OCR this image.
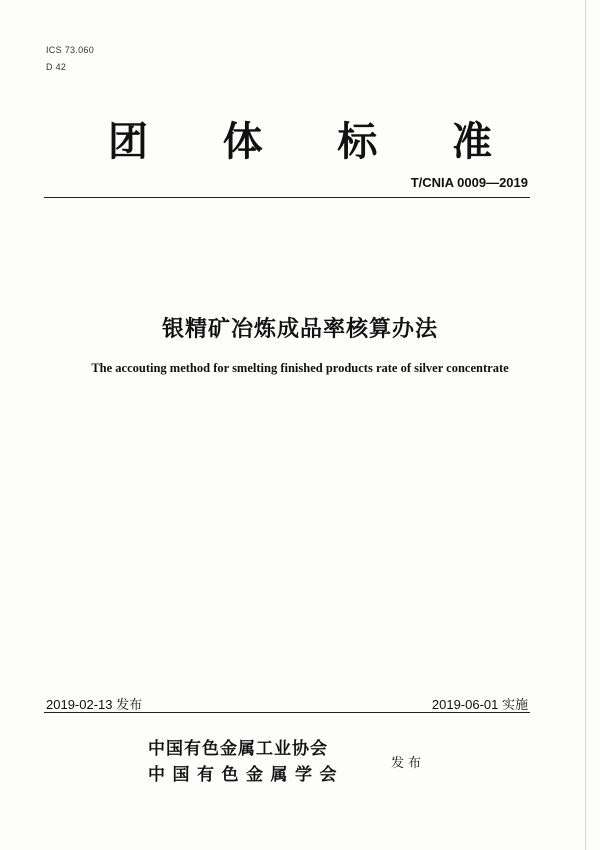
ICS 73.060
D 42
团 体 标 准
T/CNIA 0009—2019
银精矿冶炼成品率核算办法
The accouting method for smelting finished products rate of silver concentrate
2019-02-13 发布	2019-06-01 实施
中国有色金属工业协会
中国有色金属学会
发布
